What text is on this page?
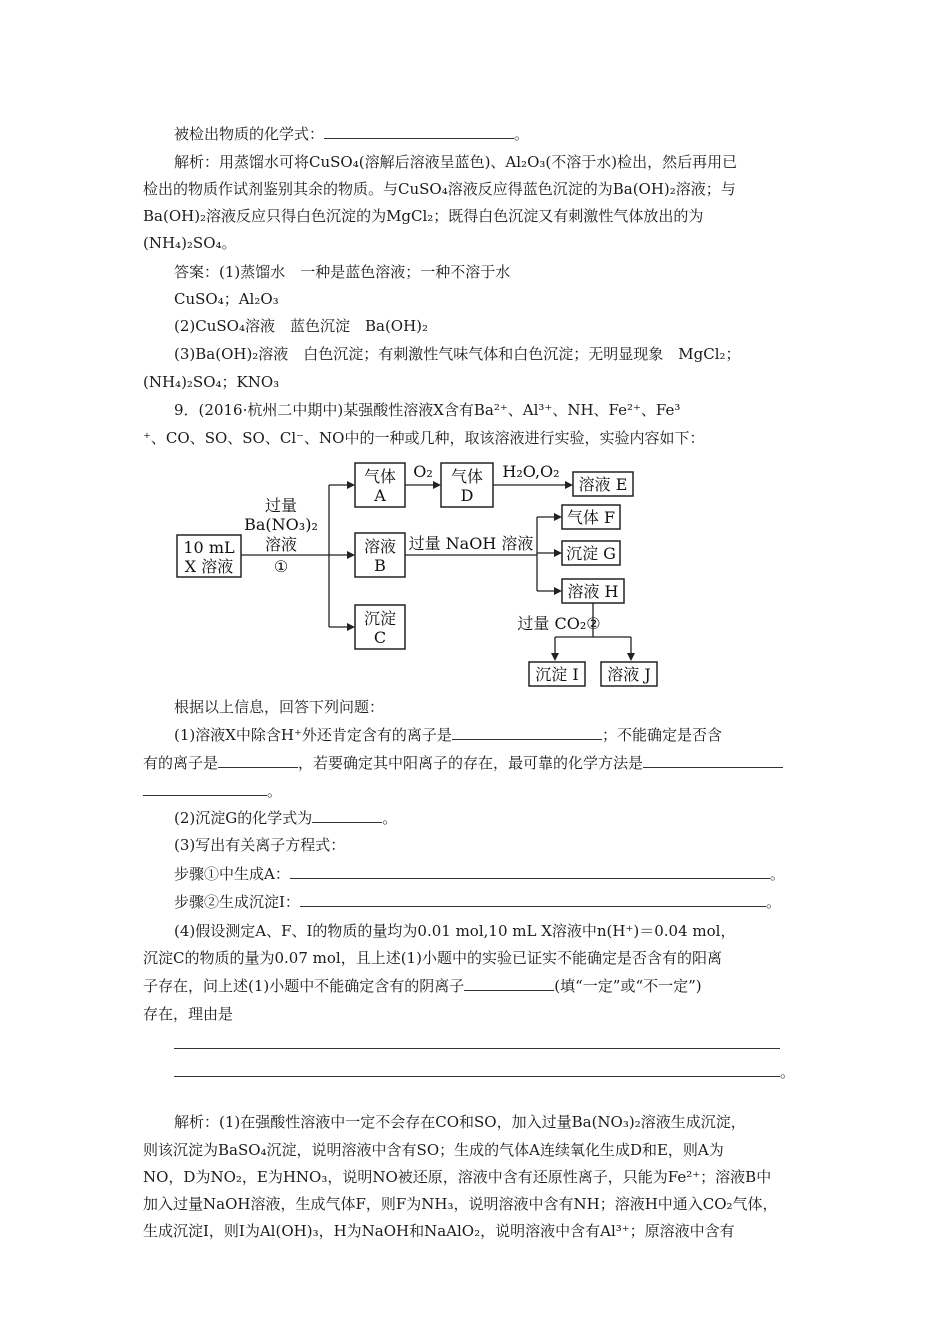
被检出物质的化学式：	。
解析：用蒸馏水可将CuSO₄(溶解后溶液呈蓝色)、Al₂O₃(不溶于水)检出，然后再用已
检出的物质作试剂鉴别其余的物质。与CuSO₄溶液反应得蓝色沉淀的为Ba(OH)₂溶液；与
Ba(OH)₂溶液反应只得白色沉淀的为MgCl₂；既得白色沉淀又有刺激性气体放出的为
(NH₄)₂SO₄。
答案：(1)蒸馏水　一种是蓝色溶液；一种不溶于水
CuSO₄；Al₂O₃
(2)CuSO₄溶液　蓝色沉淀　Ba(OH)₂
(3)Ba(OH)₂溶液　白色沉淀；有刺激性气味气体和白色沉淀；无明显现象　MgCl₂；
(NH₄)₂SO₄；KNO₃
9．(2016·杭州二中期中)某强酸性溶液X含有Ba²⁺、Al³⁺、NH、Fe²⁺、Fe³
⁺、CO、SO、SO、Cl⁻、NO中的一种或几种，取该溶液进行实验，实验内容如下：
10 mL
X 溶液
过量
Ba(NO₃)₂
溶液
①
气体
A
O₂ 气体
D
H₂O,O₂
溶液 E
溶液
B
过量 NaOH 溶液
气体 F
沉淀 G
溶液 H
过量 CO₂②
沉淀 I 溶液 J
沉淀
C
根据以上信息，回答下列问题：
(1)溶液X中除含H⁺外还肯定含有的离子是	；不能确定是否含
有的离子是	，若要确定其中阳离子的存在，最可靠的化学方法是
。
(2)沉淀G的化学式为	。
(3)写出有关离子方程式：
步骤①中生成A：	。
步骤②生成沉淀Ⅰ：	。
(4)假设测定A、F、I的物质的量均为0.01 mol,10 mL X溶液中n(H⁺)＝0.04 mol，
沉淀C的物质的量为0.07 mol，且上述(1)小题中的实验已证实不能确定是否含有的阳离
子存在，问上述(1)小题中不能确定含有的阴离子	(填“一定”或“不一定”)
存在，理由是
。
解析：(1)在强酸性溶液中一定不会存在CO和SO，加入过量Ba(NO₃)₂溶液生成沉淀，
则该沉淀为BaSO₄沉淀，说明溶液中含有SO；生成的气体A连续氧化生成D和E，则A为
NO，D为NO₂，E为HNO₃，说明NO被还原，溶液中含有还原性离子，只能为Fe²⁺；溶液B中
加入过量NaOH溶液，生成气体F，则F为NH₃，说明溶液中含有NH；溶液H中通入CO₂气体，
生成沉淀I，则I为Al(OH)₃，H为NaOH和NaAlO₂，说明溶液中含有Al³⁺；原溶液中含有
